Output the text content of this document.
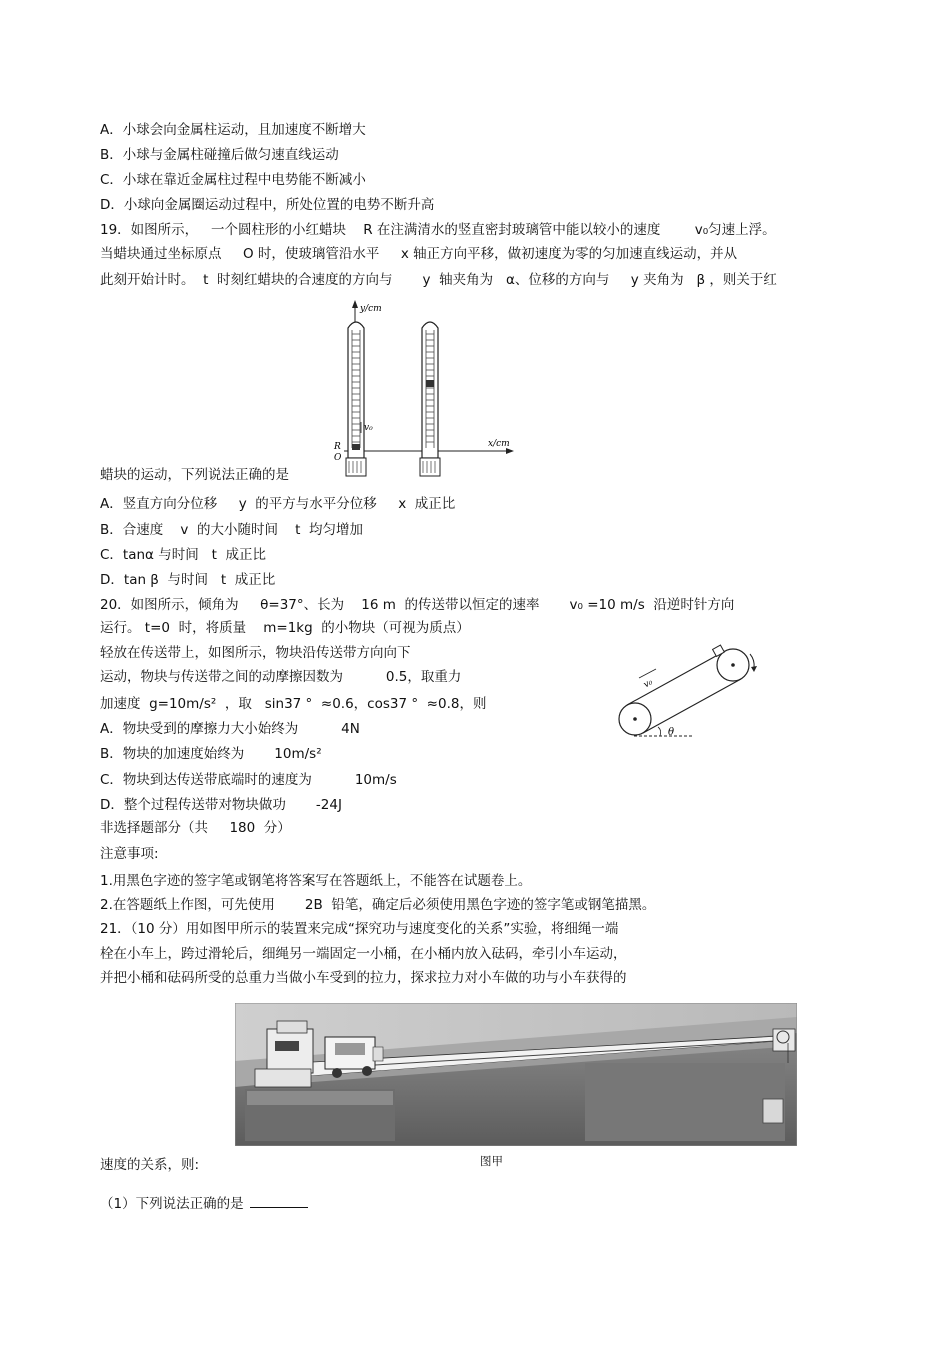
A．小球会向金属柱运动，且加速度不断增大
B．小球与金属柱碰撞后做匀速直线运动
C．小球在靠近金属柱过程中电势能不断减小
D．小球向金属圈运动过程中，所处位置的电势不断升高
19．如图所示，   一个圆柱形的小红蜡块    R 在注满清水的竖直密封玻璃管中能以较小的速度        v₀匀速上浮。
当蜡块通过坐标原点     O 时，使玻璃管沿水平     x 轴正方向平移，做初速度为零的匀加速直线运动，并从
此刻开始计时。  t  时刻红蜡块的合速度的方向与       y  轴夹角为   α、位移的方向与     y 夹角为   β ，则关于红
y/cm
x/cm
R
O
v₀
蜡块的运动，下列说法正确的是
A．竖直方向分位移     y  的平方与水平分位移     x  成正比
B．合速度    v  的大小随时间    t  均匀增加
C．tanα 与时间   t  成正比
D．tan β  与时间   t  成正比
20．如图所示，倾角为     θ=37°、长为    16 m  的传送带以恒定的速率       v₀ =10 m/s  沿逆时针方向
运行。 t=0  时，将质量    m=1kg  的小物块（可视为质点）
轻放在传送带上，如图所示，物块沿传送带方向向下
运动，物块与传送带之间的动摩擦因数为          0.5，取重力
加速度  g=10m/s²  ，取   sin37 °  ≈0.6，cos37 °  ≈0.8，则
A．物块受到的摩擦力大小始终为          4N
B．物块的加速度始终为       10m/s²
C．物块到达传送带底端时的速度为          10m/s
D．整个过程传送带对物块做功       -24J
v₀
θ
非选择题部分（共     180  分）
注意事项:
1.用黑色字迹的签字笔或钢笔将答案写在答题纸上，不能答在试题卷上。
2.在答题纸上作图，可先使用       2B  铅笔，确定后必须使用黑色字迹的签字笔或钢笔描黑。
21．（10 分）用如图甲所示的装置来完成“探究功与速度变化的关系”实验，将细绳一端
栓在小车上，跨过滑轮后，细绳另一端固定一小桶，在小桶内放入砝码，牵引小车运动，
并把小桶和砝码所受的总重力当做小车受到的拉力，探求拉力对小车做的功与小车获得的
图甲
速度的关系，则:
（1）下列说法正确的是
